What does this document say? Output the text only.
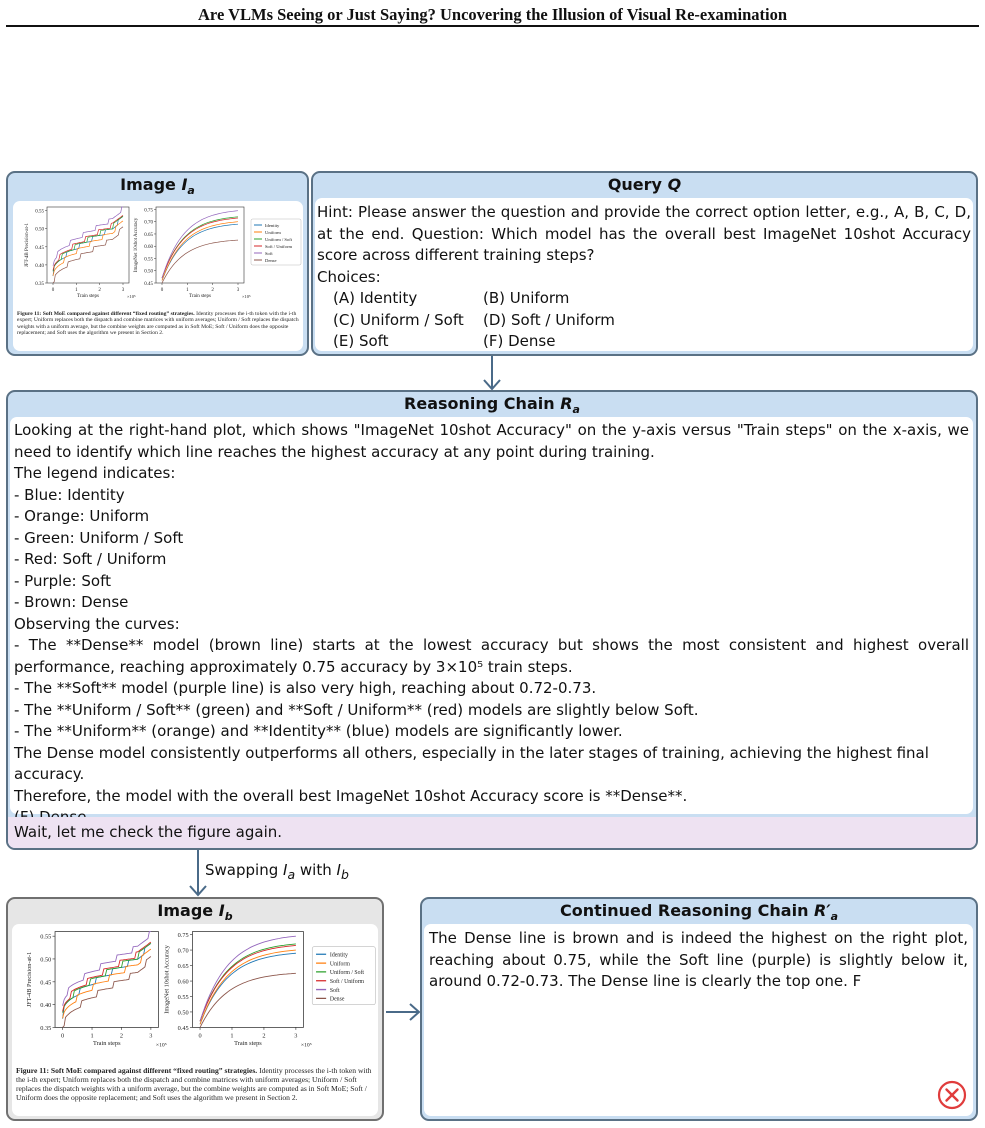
Are VLMs Seeing or Just Saying? Uncovering the Illusion of Visual Re-examination
Image $I_a$
0.55
0.50
0.45
0.40
0.35
0	1	2	3
Train steps	×10⁵
JFT-4B Precision-at-1
0.75
0.70
0.65
0.60
0.55
0.50
0.45
0	1	2	3
Train steps	×10⁵
ImageNet 10shot Accuracy	Identity
Uniform
Uniform / Soft
Soft / Uniform
Soft
Dense
Figure 11: Soft MoE compared against different “fixed routing” strategies. Identity processes the i-th token with the i-th expert; Uniform replaces both the dispatch and combine matrices with uniform averages; Uniform / Soft replaces the dispatch weights with a uniform average, but the combine weights are computed as in Soft MoE; Soft / Uniform does the opposite replacement; and Soft uses the algorithm we present in Section 2.
Query Q
Hint: Please answer the question and provide the correct option letter, e.g., A, B, C, D, at the end. Question: Which model has the overall best ImageNet 10shot Accuracy score across different training steps?
Choices:
(A) Identity	(B) Uniform
(C) Uniform / Soft	(D) Soft / Uniform
(E) Soft	(F) Dense
Reasoning Chain $R_a$
Looking at the right-hand plot, which shows "ImageNet 10shot Accuracy" on the y-axis versus "Train steps" on the x-axis, we need to identify which line reaches the highest accuracy at any point during training.
The legend indicates:
- Blue: Identity
- Orange: Uniform
- Green: Uniform / Soft
- Red: Soft / Uniform
- Purple: Soft
- Brown: Dense
Observing the curves:
- The **Dense** model (brown line) starts at the lowest accuracy but shows the most consistent and highest overall performance, reaching approximately 0.75 accuracy by 3×10⁵ train steps.
- The **Soft** model (purple line) is also very high, reaching about 0.72-0.73.
- The **Uniform / Soft** (green) and **Soft / Uniform** (red) models are slightly below Soft.
- The **Uniform** (orange) and **Identity** (blue) models are significantly lower.
The Dense model consistently outperforms all others, especially in the later stages of training, achieving the highest final accuracy.
Therefore, the model with the overall best ImageNet 10shot Accuracy score is **Dense**.
Wait, let me check the figure again.
Swapping $I_a$ with $I_b$
Image $I_b$
0.55
0.50
0.45
0.40
0.35
0	1	2	3
Train steps	×10⁵
JFT-4B Precision-at-1
0.75
0.70
0.65
0.60
0.55
0.50
0.45
0	1	2	3
Train steps	×10⁵
ImageNet 10shot Accuracy	Identity
Uniform
Uniform / Soft
Soft / Uniform
Soft
Dense
Figure 11: Soft MoE compared against different “fixed routing” strategies. Identity processes the i-th token with the i-th expert; Uniform replaces both the dispatch and combine matrices with uniform averages; Uniform / Soft replaces the dispatch weights with a uniform average, but the combine weights are computed as in Soft MoE; Soft / Uniform does the opposite replacement; and Soft uses the algorithm we present in Section 2.
Continued Reasoning Chain $R'_a$
The Dense line is brown and is indeed the highest on the right plot, reaching about 0.75, while the Soft line (purple) is slightly below it, around 0.72-0.73. The Dense line is clearly the top one. F
